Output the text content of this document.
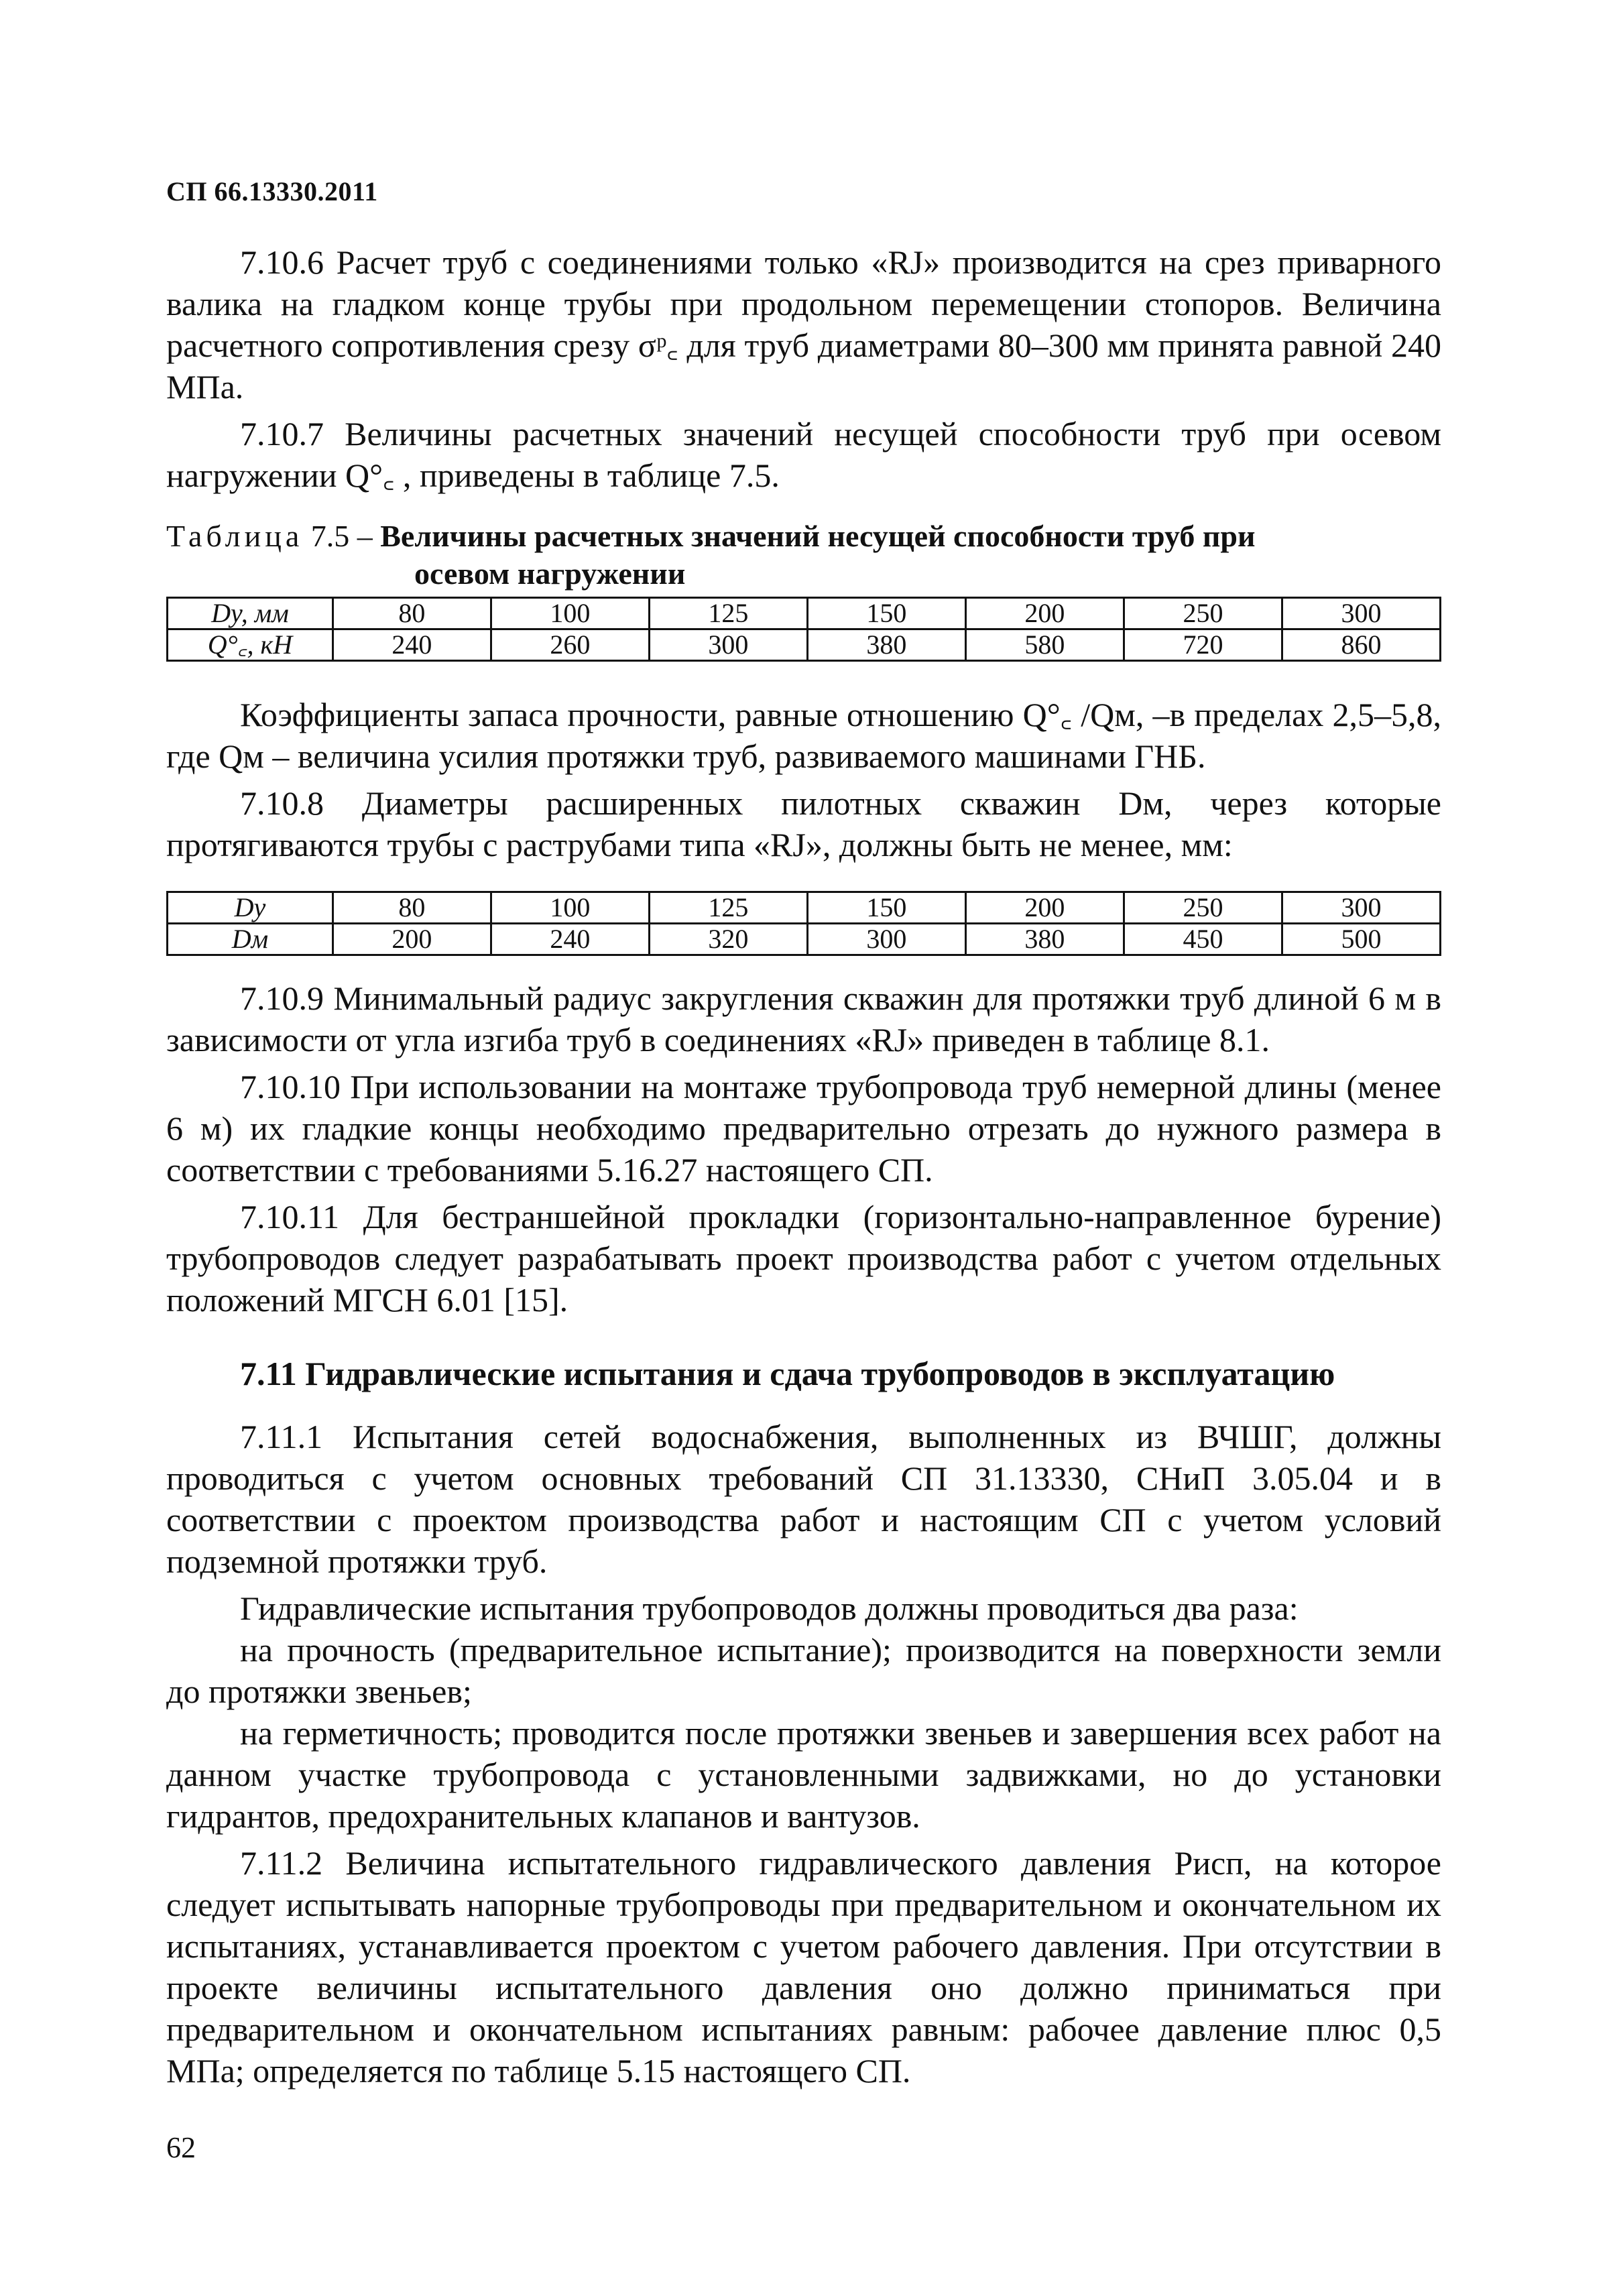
СП 66.13330.2011

7.10.6 Расчет труб с соединениями только «RJ» производится на срез приварного валика на гладком конце трубы при продольном перемещении стопоров. Величина расчетного сопротивления срезу σᵖ꜀ для труб диаметрами 80–300 мм принята равной 240 МПа.

7.10.7 Величины расчетных значений несущей способности труб при осевом нагружении Q°꜀ , приведены в таблице 7.5.

Таблица 7.5 – Величины расчетных значений несущей способности труб при

осевом нагружении

Dу, мм	80	100	125	150	200	250	300
Q°꜀, кН	240	260	300	380	580	720	860

Коэффициенты запаса прочности, равные отношению Q°꜀ /Qм, –в пределах 2,5–5,8, где Qм – величина усилия протяжки труб, развиваемого машинами ГНБ.

7.10.8 Диаметры расширенных пилотных скважин Dм, через которые протягиваются трубы с раструбами типа «RJ», должны быть не менее, мм:

Dу	80	100	125	150	200	250	300
Dм	200	240	320	300	380	450	500

7.10.9 Минимальный радиус закругления скважин для протяжки труб длиной 6 м в зависимости от угла изгиба труб в соединениях «RJ» приведен в таблице 8.1.

7.10.10 При использовании на монтаже трубопровода труб немерной длины (менее 6 м) их гладкие концы необходимо предварительно отрезать до нужного размера в соответствии с требованиями 5.16.27 настоящего СП.

7.10.11 Для бестраншейной прокладки (горизонтально-направленное бурение) трубопроводов следует разрабатывать проект производства работ с учетом отдельных положений МГСН 6.01 [15].

7.11 Гидравлические испытания и сдача трубопроводов в эксплуатацию

7.11.1 Испытания сетей водоснабжения, выполненных из ВЧШГ, должны проводиться с учетом основных требований СП 31.13330, СНиП 3.05.04 и в соответствии с проектом производства работ и настоящим СП с учетом условий подземной протяжки труб.

Гидравлические испытания трубопроводов должны проводиться два раза:

на прочность (предварительное испытание); производится на поверхности земли до протяжки звеньев;

на герметичность; проводится после протяжки звеньев и завершения всех работ на данном участке трубопровода с установленными задвижками, но до установки гидрантов, предохранительных клапанов и вантузов.

7.11.2 Величина испытательного гидравлического давления Pисп, на которое следует испытывать напорные трубопроводы при предварительном и окончательном их испытаниях, устанавливается проектом с учетом рабочего давления. При отсутствии в проекте величины испытательного давления оно должно приниматься при предварительном и окончательном испытаниях равным: рабочее давление плюс 0,5 МПа; определяется по таблице 5.15 настоящего СП.

62
